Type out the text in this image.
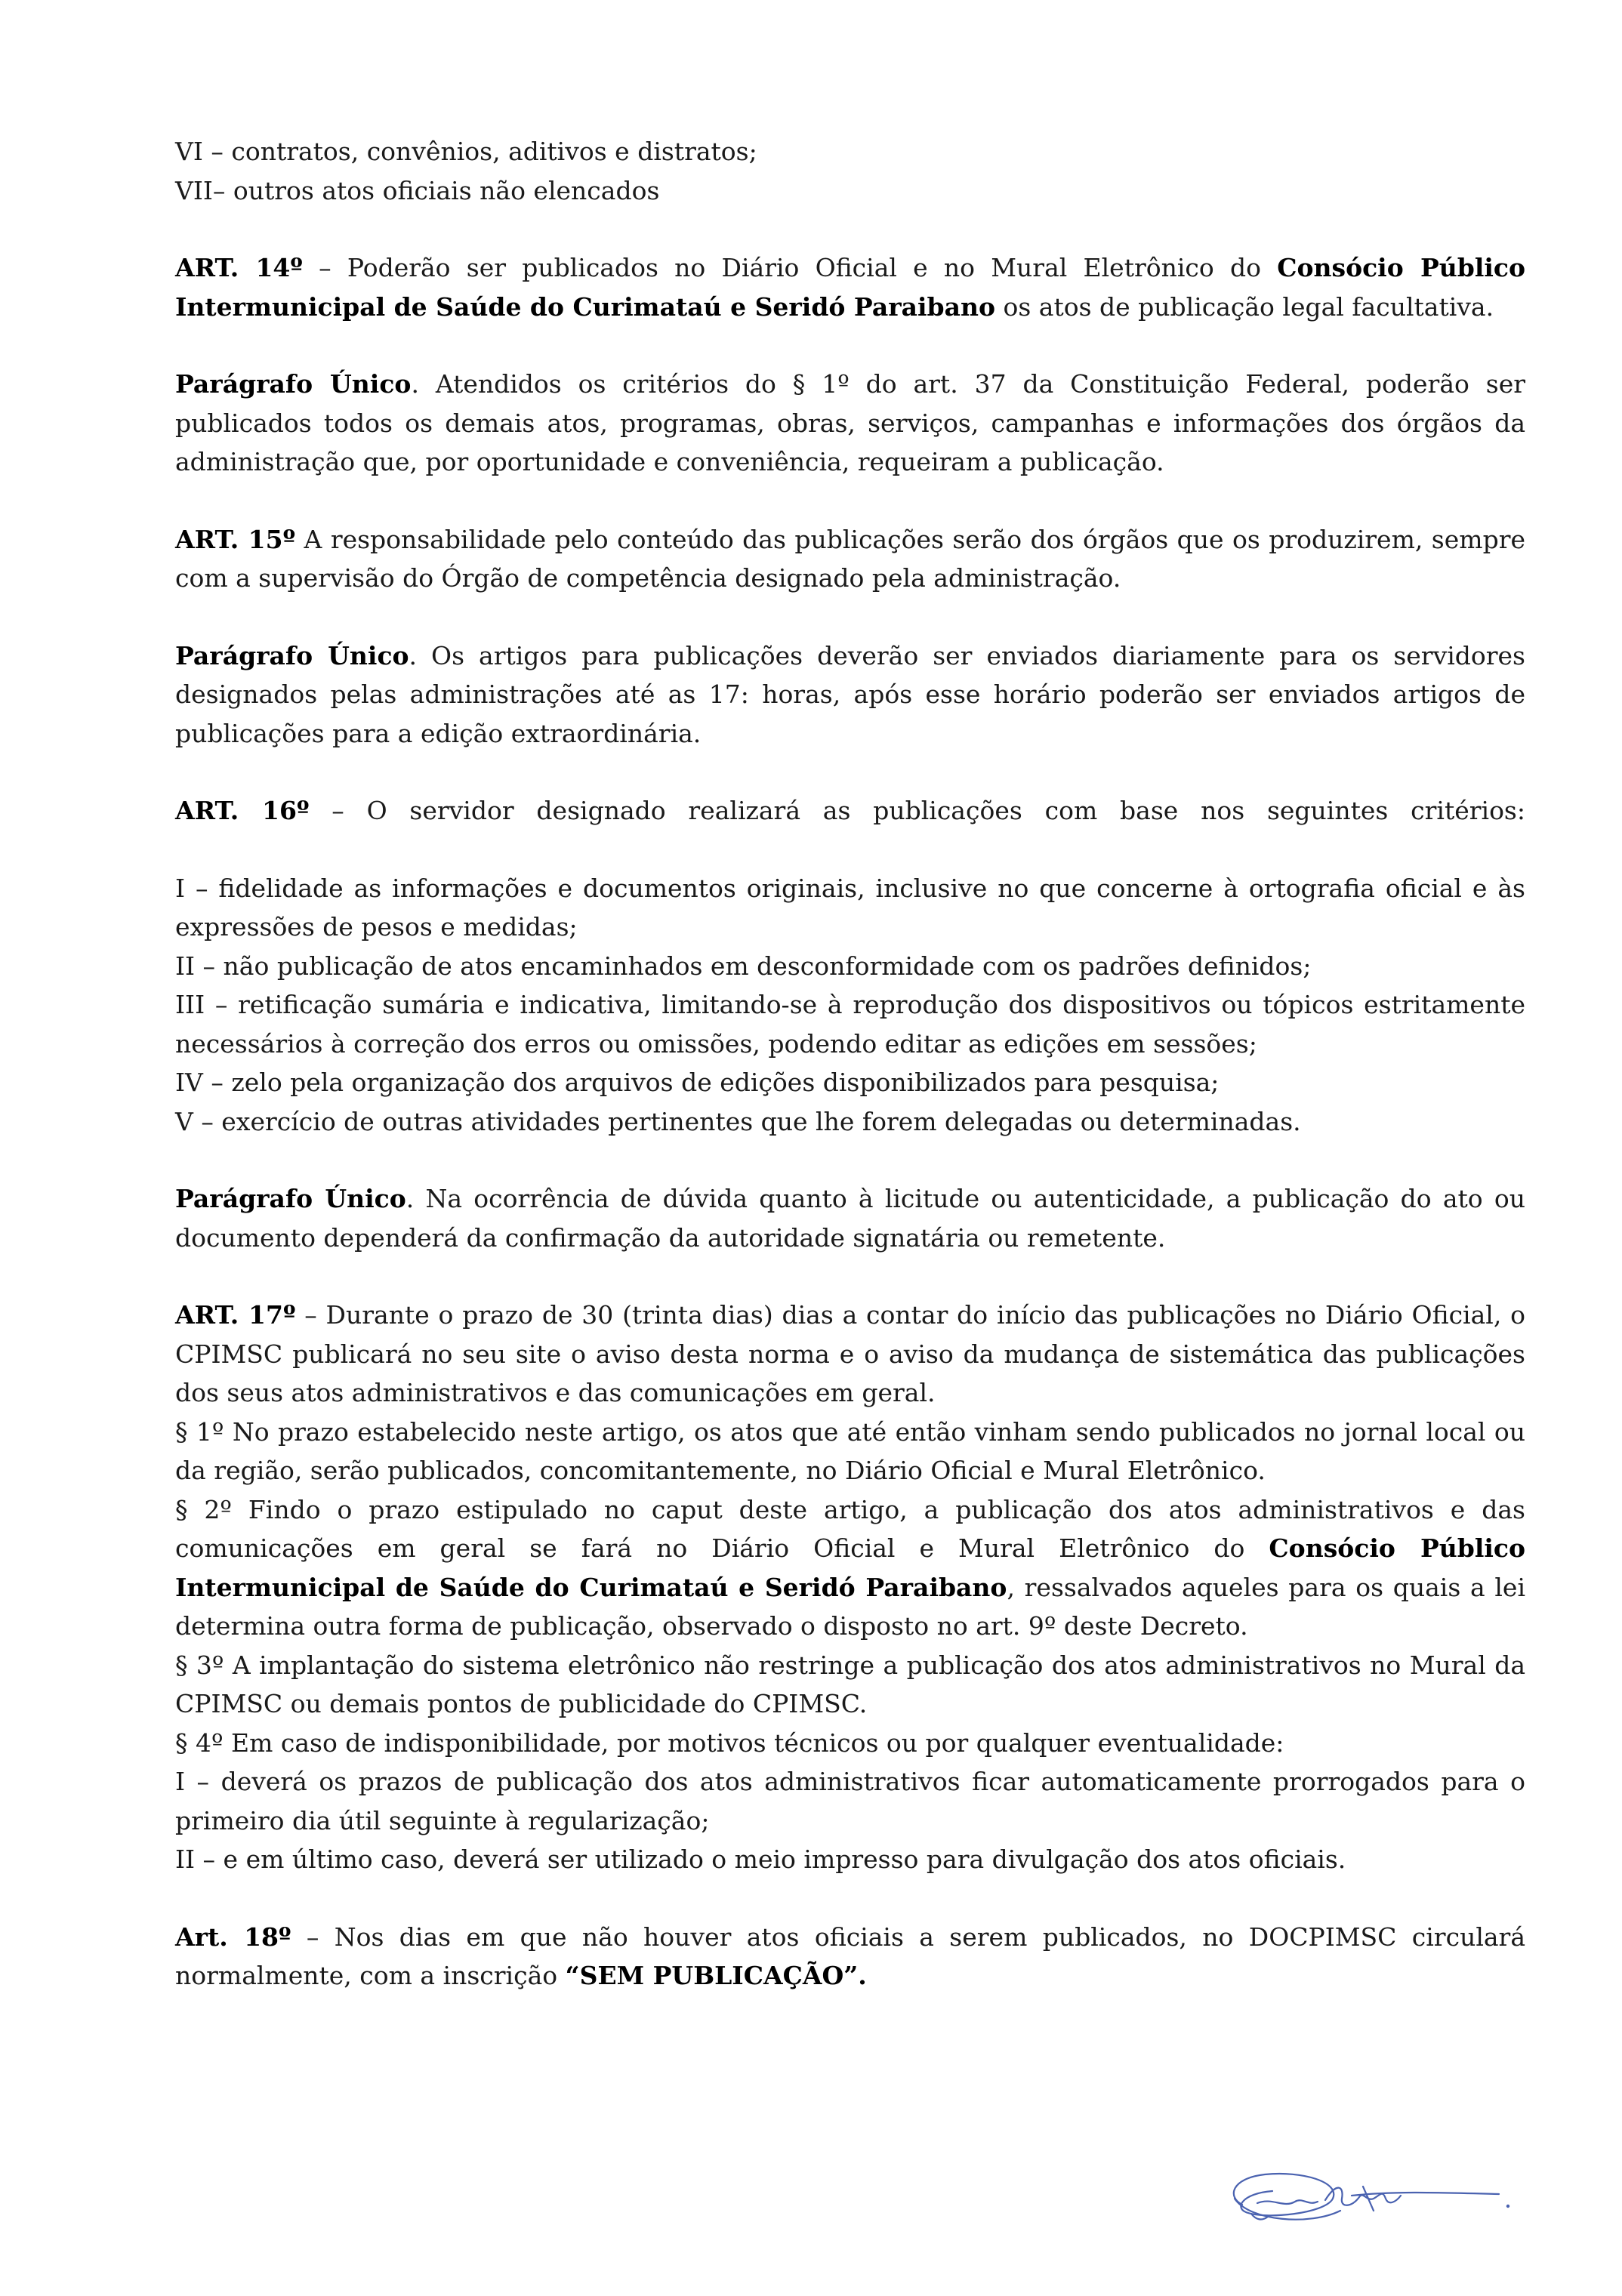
VI – contratos, convênios, aditivos e distratos;

VII– outros atos oficiais não elencados

ART. 14º – Poderão ser publicados no Diário Oficial e no Mural Eletrônico do Consócio Público Intermunicipal de Saúde do Curimataú e Seridó Paraibano os atos de publicação legal facultativa.

Parágrafo Único. Atendidos os critérios do § 1º do art. 37 da Constituição Federal, poderão ser publicados todos os demais atos, programas, obras, serviços, campanhas e informações dos órgãos da administração que, por oportunidade e conveniência, requeiram a publicação.

ART. 15º A responsabilidade pelo conteúdo das publicações serão dos órgãos que os produzirem, sempre com a supervisão do Órgão de competência designado pela administração.

Parágrafo Único. Os artigos para publicações deverão ser enviados diariamente para os servidores designados pelas administrações até as 17: horas, após esse horário poderão ser enviados artigos de publicações para a edição extraordinária.

ART. 16º – O servidor designado realizará as publicações com base nos seguintes critérios:

I – fidelidade as informações e documentos originais, inclusive no que concerne à ortografia oficial e às expressões de pesos e medidas;

II – não publicação de atos encaminhados em desconformidade com os padrões definidos;

III – retificação sumária e indicativa, limitando-se à reprodução dos dispositivos ou tópicos estritamente necessários à correção dos erros ou omissões, podendo editar as edições em sessões;

IV – zelo pela organização dos arquivos de edições disponibilizados para pesquisa;

V – exercício de outras atividades pertinentes que lhe forem delegadas ou determinadas.

Parágrafo Único. Na ocorrência de dúvida quanto à licitude ou autenticidade, a publicação do ato ou documento dependerá da confirmação da autoridade signatária ou remetente.

ART. 17º – Durante o prazo de 30 (trinta dias) dias a contar do início das publicações no Diário Oficial, o CPIMSC publicará no seu site o aviso desta norma e o aviso da mudança de sistemática das publicações dos seus atos administrativos e das comunicações em geral.

§ 1º No prazo estabelecido neste artigo, os atos que até então vinham sendo publicados no jornal local ou da região, serão publicados, concomitantemente, no Diário Oficial e Mural Eletrônico.

§ 2º Findo o prazo estipulado no caput deste artigo, a publicação dos atos administrativos e das comunicações em geral se fará no Diário Oficial e Mural Eletrônico do Consócio Público Intermunicipal de Saúde do Curimataú e Seridó Paraibano, ressalvados aqueles para os quais a lei determina outra forma de publicação, observado o disposto no art. 9º deste Decreto.

§ 3º A implantação do sistema eletrônico não restringe a publicação dos atos administrativos no Mural da CPIMSC ou demais pontos de publicidade do CPIMSC.

§ 4º Em caso de indisponibilidade, por motivos técnicos ou por qualquer eventualidade:

I – deverá os prazos de publicação dos atos administrativos ficar automaticamente prorrogados para o primeiro dia útil seguinte à regularização;

II – e em último caso, deverá ser utilizado o meio impresso para divulgação dos atos oficiais.

Art. 18º – Nos dias em que não houver atos oficiais a serem publicados, no DOCPIMSC circulará normalmente, com a inscrição “SEM PUBLICAÇÃO”.
